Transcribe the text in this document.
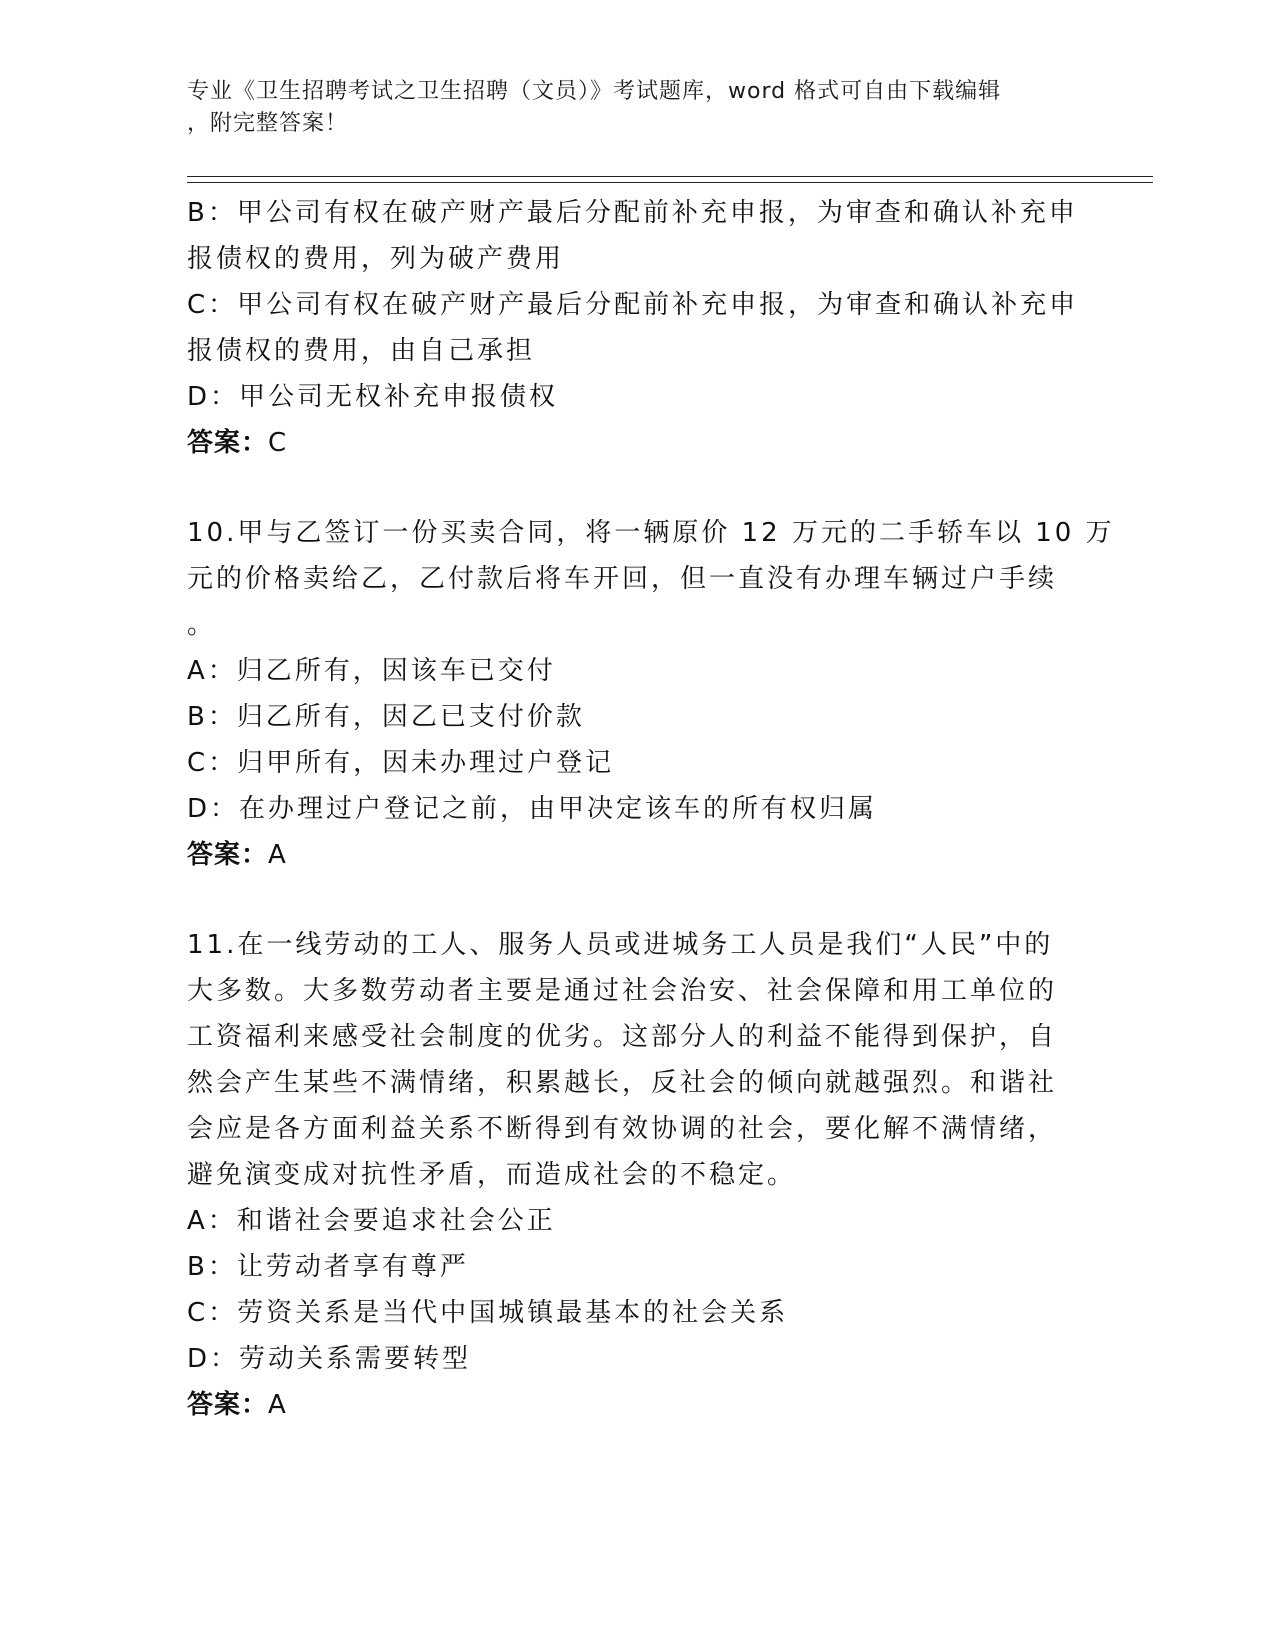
专业《卫生招聘考试之卫生招聘（文员）》考试题库，word 格式可自由下载编辑
，附完整答案！
B：甲公司有权在破产财产最后分配前补充申报，为审查和确认补充申
报债权的费用，列为破产费用
C：甲公司有权在破产财产最后分配前补充申报，为审查和确认补充申
报债权的费用，由自己承担
D：甲公司无权补充申报债权
答案：C
10.甲与乙签订一份买卖合同，将一辆原价 12 万元的二手轿车以 10 万
元的价格卖给乙，乙付款后将车开回，但一直没有办理车辆过户手续
。
A：归乙所有，因该车已交付
B：归乙所有，因乙已支付价款
C：归甲所有，因未办理过户登记
D：在办理过户登记之前，由甲决定该车的所有权归属
答案：A
11.在一线劳动的工人、服务人员或进城务工人员是我们“人民”中的
大多数。大多数劳动者主要是通过社会治安、社会保障和用工单位的
工资福利来感受社会制度的优劣。这部分人的利益不能得到保护，自
然会产生某些不满情绪，积累越长，反社会的倾向就越强烈。和谐社
会应是各方面利益关系不断得到有效协调的社会，要化解不满情绪，
避免演变成对抗性矛盾，而造成社会的不稳定。
A：和谐社会要追求社会公正
B：让劳动者享有尊严
C：劳资关系是当代中国城镇最基本的社会关系
D：劳动关系需要转型
答案：A
